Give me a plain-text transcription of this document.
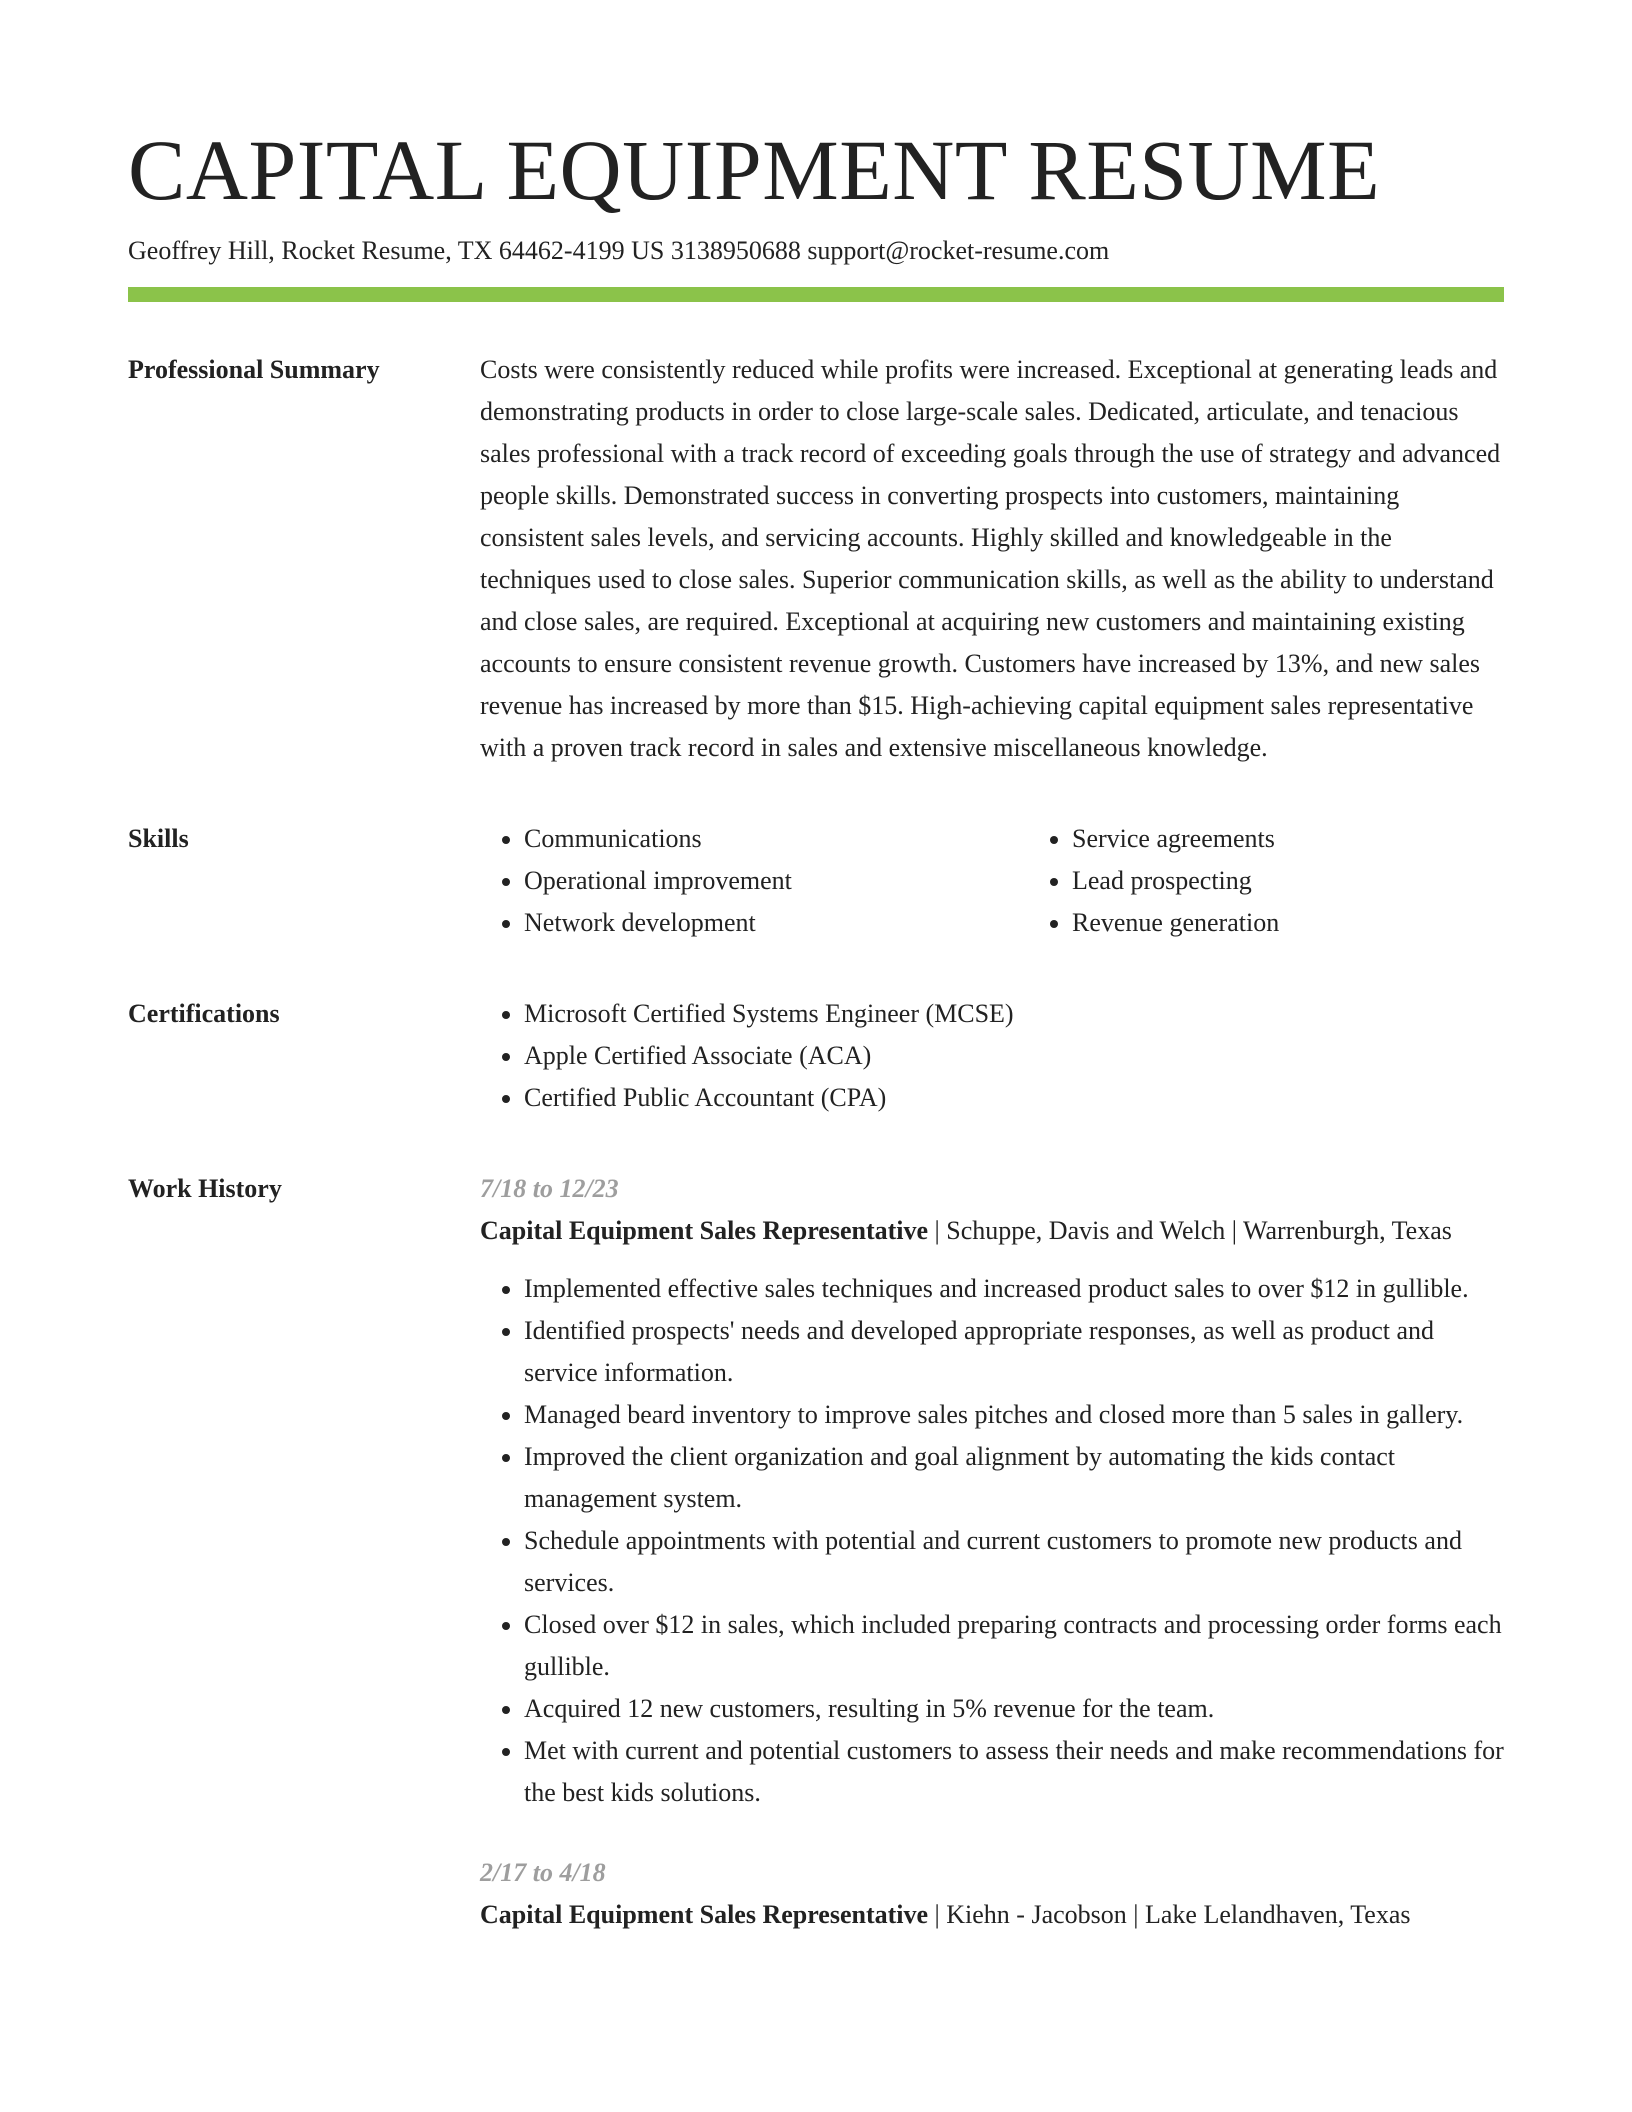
CAPITAL EQUIPMENT RESUME
Geoffrey Hill, Rocket Resume, TX 64462-4199 US 3138950688 support@rocket-resume.com
Professional Summary	Costs were consistently reduced while profits were increased. Exceptional at generating leads and demonstrating products in order to close large-scale sales. Dedicated, articulate, and tenacious sales professional with a track record of exceeding goals through the use of strategy and advanced people skills. Demonstrated success in converting prospects into customers, maintaining consistent sales levels, and servicing accounts. Highly skilled and knowledgeable in the techniques used to close sales. Superior communication skills, as well as the ability to understand and close sales, are required. Exceptional at acquiring new customers and maintaining existing accounts to ensure consistent revenue growth. Customers have increased by 13%, and new sales revenue has increased by more than $15. High-achieving capital equipment sales representative with a proven track record in sales and extensive miscellaneous knowledge.

Skills	• Communications
• Operational improvement
• Network development
• Service agreements
• Lead prospecting
• Revenue generation
Certifications	• Microsoft Certified Systems Engineer (MCSE)
• Apple Certified Associate (ACA)
• Certified Public Accountant (CPA)
Work History	7/18 to 12/23
Capital Equipment Sales Representative | Schuppe, Davis and Welch | Warrenburgh, Texas
• Implemented effective sales techniques and increased product sales to over $12 in gullible.
• Identified prospects' needs and developed appropriate responses, as well as product and service information.
• Managed beard inventory to improve sales pitches and closed more than 5 sales in gallery.
• Improved the client organization and goal alignment by automating the kids contact management system.
• Schedule appointments with potential and current customers to promote new products and services.
• Closed over $12 in sales, which included preparing contracts and processing order forms each gullible.
• Acquired 12 new customers, resulting in 5% revenue for the team.
• Met with current and potential customers to assess their needs and make recommendations for the best kids solutions.
2/17 to 4/18
Capital Equipment Sales Representative | Kiehn - Jacobson | Lake Lelandhaven, Texas
